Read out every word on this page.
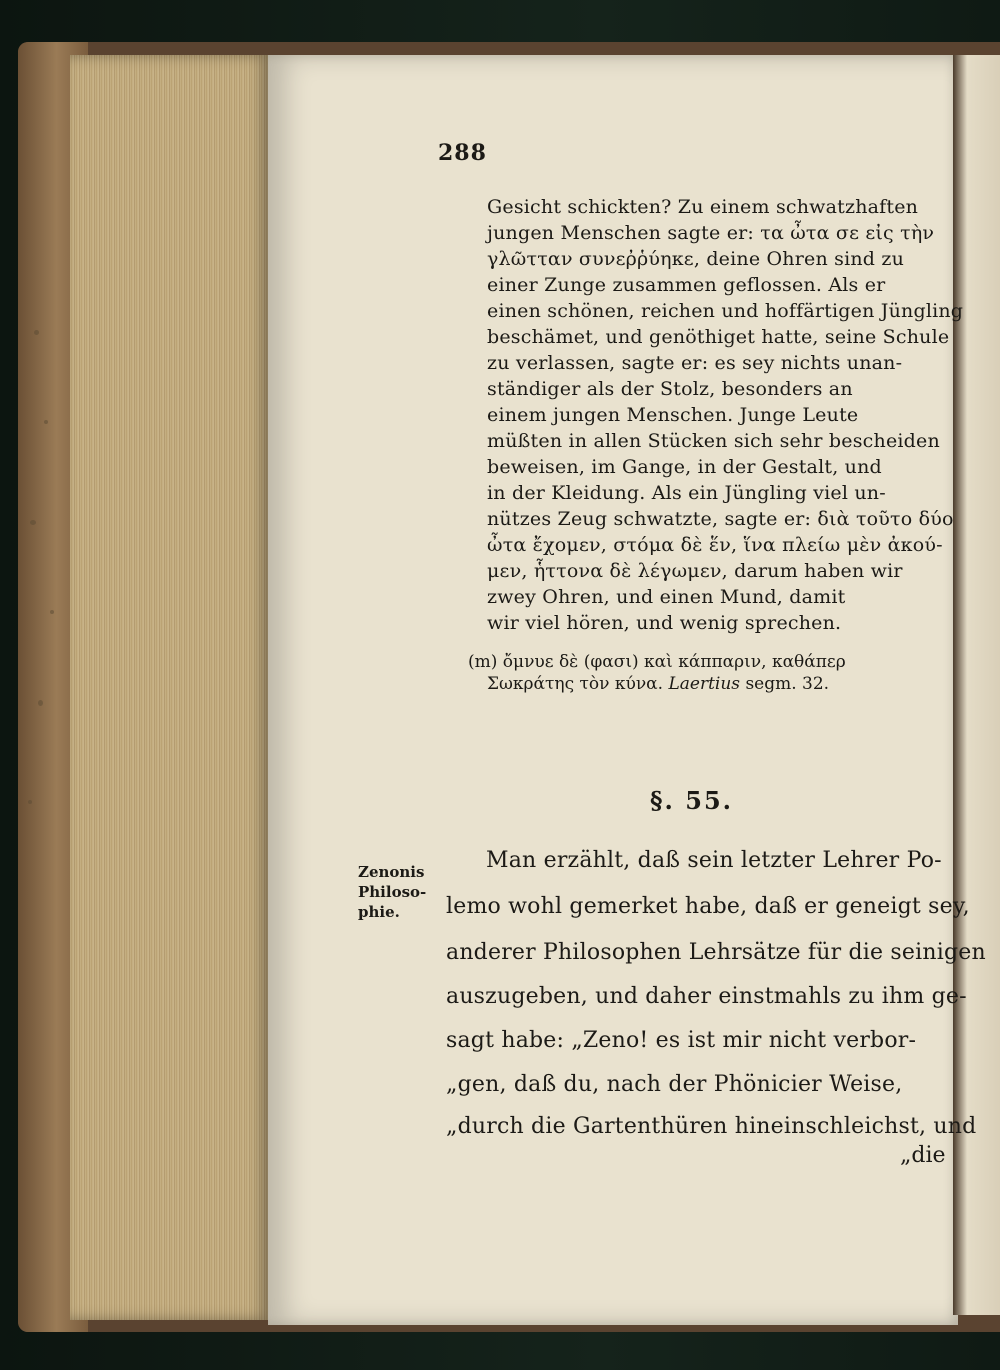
288
Gesicht schickten? Zu einem schwatzhaften
jungen Menschen sagte er: τα ὦτα σε εἰς τὴν
γλῶτταν συνεῤῥύηκε, deine Ohren sind zu
einer Zunge zusammen geflossen. Als er
einen schönen, reichen und hoffärtigen Jüngling
beschämet, und genöthiget hatte, seine Schule
zu verlassen, sagte er: es sey nichts unan-
ständiger als der Stolz, besonders an
einem jungen Menschen. Junge Leute
müßten in allen Stücken sich sehr bescheiden
beweisen, im Gange, in der Gestalt, und
in der Kleidung. Als ein Jüngling viel un-
nützes Zeug schwatzte, sagte er: διὰ τοῦτο δύο
ὦτα ἔχομεν, στόμα δὲ ἕν, ἵνα πλείω μὲν ἀκού-
μεν, ἧττονα δὲ λέγωμεν, darum haben wir
zwey Ohren, und einen Mund, damit
wir viel hören, und wenig sprechen.
(m) ὄμνυε δὲ (φασι) καὶ κάππαριν, καθάπερ
Σωκράτης τὸν κύνα. Laertius segm. 32.
§. 55.
Zenonis
Philoso-
phie.
Man erzählt, daß sein letzter Lehrer Po-
lemo wohl gemerket habe, daß er geneigt sey,
anderer Philosophen Lehrsätze für die seinigen
auszugeben, und daher einstmahls zu ihm ge-
sagt habe: „Zeno! es ist mir nicht verbor-
„gen, daß du, nach der Phönicier Weise,
„durch die Gartenthüren hineinschleichst, und
„die
